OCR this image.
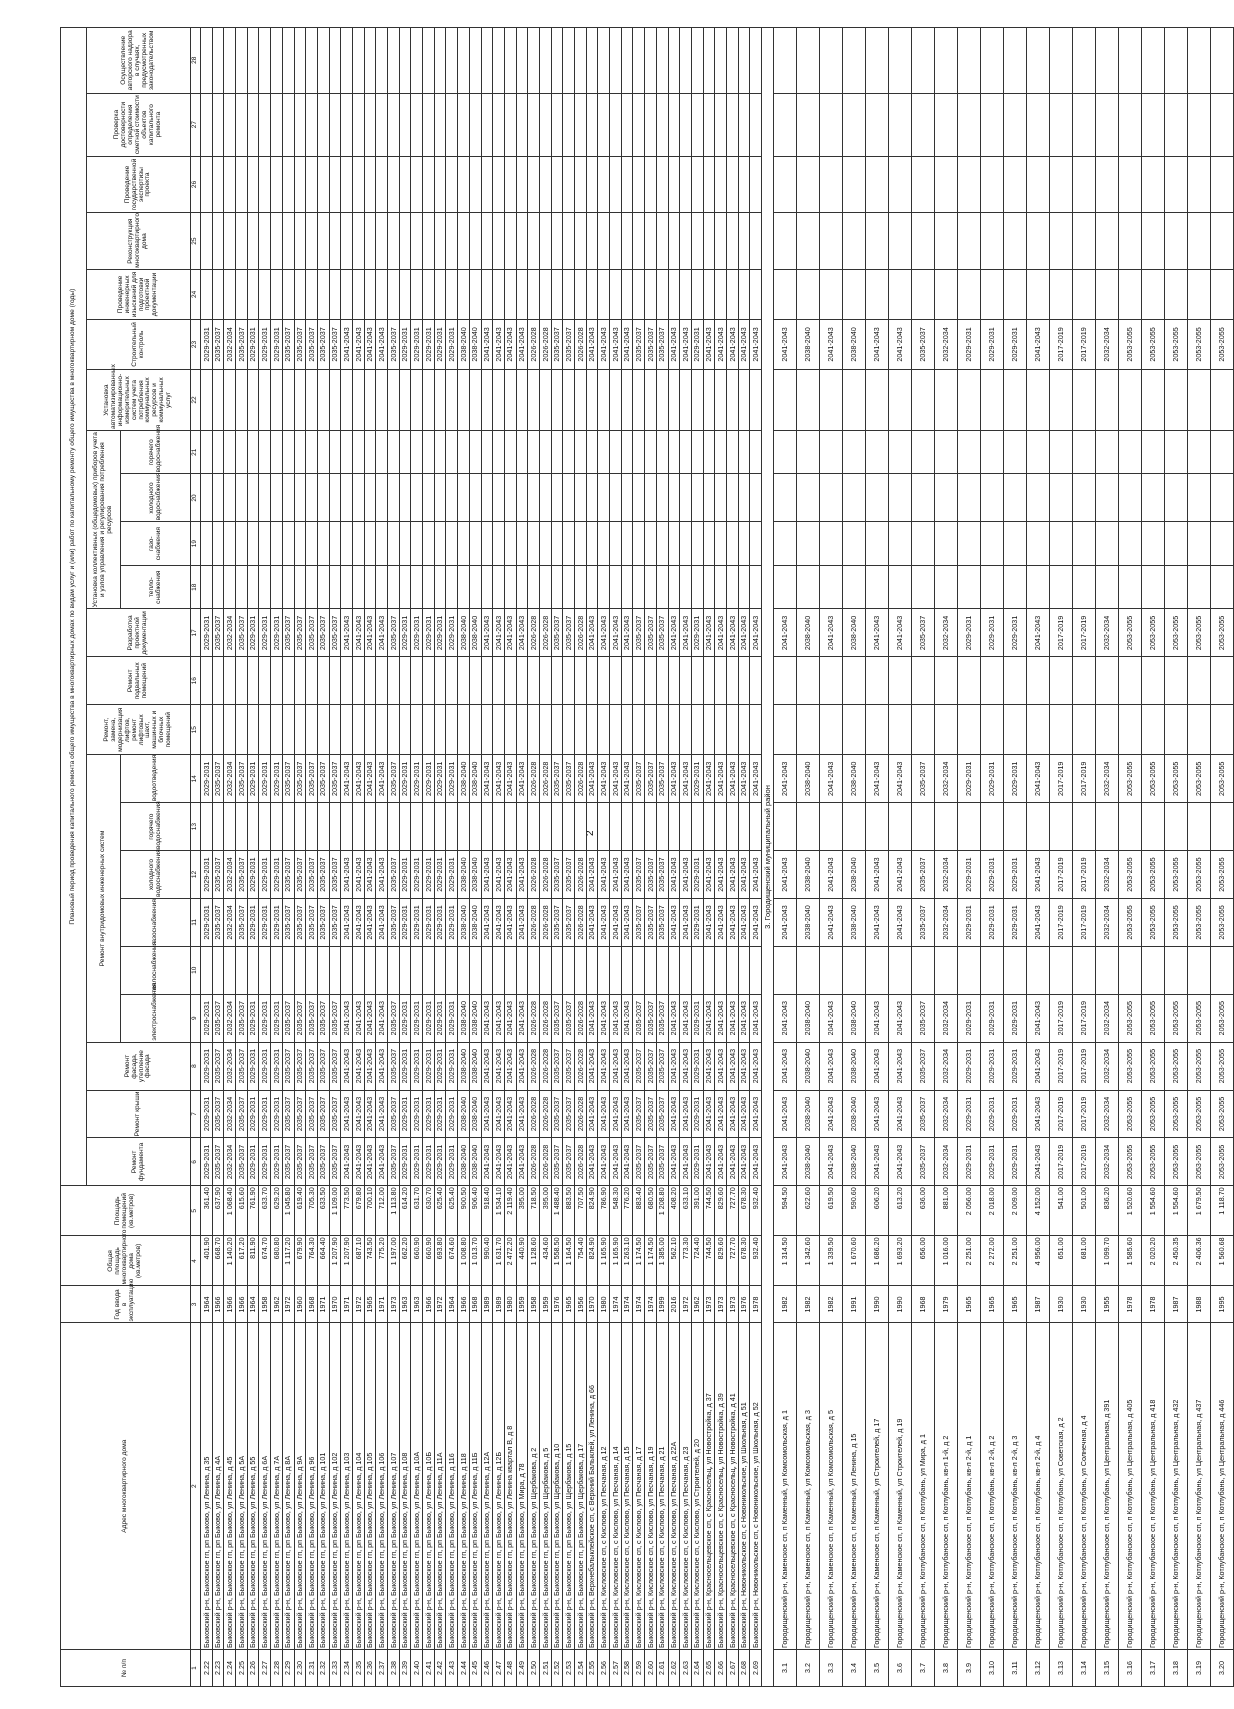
2
№ п/п	Адрес многоквартирного дома	Год ввода в эксплуатацию	Общая площадь многоквартирного дома (кв.метров)	Площадь помещений (кв.метров)	Плановый период проведения капитального ремонта общего имущества в многоквартирных домах по видам услуг и (или) работ по капитальному ремонту общего имущества в многоквартирном доме (годы)																						
					Ремонт фундамента	Ремонт крыши	Ремонт фасада, утепление фасада	Ремонт внутридомовых инженерных систем						Ремонт, замена, модернизация лифтов, ремонт лифтовых шахт, машинных и блочных помещений	Ремонт подвальных помещений	Разработка проектной документации	Установка коллективных (общедомовых) приборов учета и узлов управления и регулирования потребления ресурсов				Установка автоматизированных информационно-измерительных систем учета потребления коммунальных ресурсов и коммунальных услуг	Строительный контроль	Проведение инженерных изысканий для подготовки проектной документации	Реконструкция многоквартирного дома	Проведение государственной экспертизы проекта	Проверка достоверности определения сметной стоимости объектов капитального ремонта	Осуществление авторского надзора в случаях, предусмотренных законодательством
								электроснабжения	теплоснабжения	газоснабжения	холодного водоснабжения	горячего водоснабжения	водоотведения				тепло-снабжения	газо-снабжения	холодного водоснабжения	горячего водоснабжения							
1	2	3	4	5	6	7	8	9	10	11	12	13	14	15	16	17	18	19	20	21	22	23	24	25	26	27	28
2.22	Быковский р-н, Быковское гп, рп Быково, ул Ленина, д 35	1964	401.90	361.40	2029-2031	2029-2031	2029-2031	2029-2031		2029-2031	2029-2031		2029-2031			2029-2031						2029-2031					
2.23	Быковский р-н, Быковское гп, рп Быково, ул Ленина, д 4А	1966	668.70	637.90	2035-2037	2035-2037	2035-2037	2035-2037		2035-2037	2035-2037		2035-2037			2035-2037						2035-2037					
2.24	Быковский р-н, Быковское гп, рп Быково, ул Ленина, д 45	1966	1 140.20	1 068.40	2032-2034	2032-2034	2032-2034	2032-2034		2032-2034	2032-2034		2032-2034			2032-2034						2032-2034					
2.25	Быковский р-н, Быковское гп, рп Быково, ул Ленина, д 5А	1966	617.20	615.60	2035-2037	2035-2037	2035-2037	2035-2037		2035-2037	2035-2037		2035-2037			2035-2037						2035-2037					
2.26	Быковский р-н, Быковское гп, рп Быково, ул Ленина, д 55	1964	811.90	761.90	2029-2031	2029-2031	2029-2031	2029-2031		2029-2031	2029-2031		2029-2031			2029-2031						2029-2031					
2.27	Быковский р-н, Быковское гп, рп Быково, ул Ленина, д 6А	1958	674.70	633.70	2029-2031	2029-2031	2029-2031	2029-2031		2029-2031	2029-2031		2029-2031			2029-2031						2029-2031					
2.28	Быковский р-н, Быковское гп, рп Быково, ул Ленина, д 7А	1962	680.80	629.20	2029-2031	2029-2031	2029-2031	2029-2031		2029-2031	2029-2031		2029-2031			2029-2031						2029-2031					
2.29	Быковский р-н, Быковское гп, рп Быково, ул Ленина, д 8А	1972	1 117.20	1 045.80	2035-2037	2035-2037	2035-2037	2035-2037		2035-2037	2035-2037		2035-2037			2035-2037						2035-2037					
2.30	Быковский р-н, Быковское гп, рп Быково, ул Ленина, д 9А	1960	679.90	619.40	2035-2037	2035-2037	2035-2037	2035-2037		2035-2037	2035-2037		2035-2037			2035-2037						2035-2037					
2.31	Быковский р-н, Быковское гп, рп Быково, ул Ленина, д 96	1968	764.30	705.30	2035-2037	2035-2037	2035-2037	2035-2037		2035-2037	2035-2037		2035-2037			2035-2037						2035-2037					
2.32	Быковский р-н, Быковское гп, рп Быково, ул Ленина, д 101	1971	664.40	633.50	2035-2037	2035-2037	2035-2037	2035-2037		2035-2037	2035-2037		2035-2037			2035-2037						2035-2037					
2.33	Быковский р-н, Быковское гп, рп Быково, ул Ленина, д 102	1970	1 207.90	1 109.00	2035-2037	2035-2037	2035-2037	2035-2037		2035-2037	2035-2037		2035-2037			2035-2037						2035-2037					
2.34	Быковский р-н, Быковское гп, рп Быково, ул Ленина, д 103	1971	1 207.90	773.50	2041-2043	2041-2043	2041-2043	2041-2043		2041-2043	2041-2043		2041-2043			2041-2043						2041-2043					
2.35	Быковский р-н, Быковское гп, рп Быково, ул Ленина, д 104	1972	687.10	679.80	2041-2043	2041-2043	2041-2043	2041-2043		2041-2043	2041-2043		2041-2043			2041-2043						2041-2043					
2.36	Быковский р-н, Быковское гп, рп Быково, ул Ленина, д 105	1965	743.50	700.10	2041-2043	2041-2043	2041-2043	2041-2043		2041-2043	2041-2043		2041-2043			2041-2043						2041-2043					
2.37	Быковский р-н, Быковское гп, рп Быково, ул Ленина, д 106	1971	775.20	712.00	2041-2043	2041-2043	2041-2043	2041-2043		2041-2043	2041-2043		2041-2043			2041-2043						2041-2043					
2.38	Быковский р-н, Быковское гп, рп Быково, ул Ленина, д 107	1973	1 197.00	1 113.80	2035-2037	2035-2037	2035-2037	2035-2037		2035-2037	2035-2037		2035-2037			2035-2037						2035-2037					
2.39	Быковский р-н, Быковское гп, рп Быково, ул Ленина, д 108	1963	662.20	614.20	2029-2031	2029-2031	2029-2031	2029-2031		2029-2031	2029-2031		2029-2031			2029-2031						2029-2031					
2.40	Быковский р-н, Быковское гп, рп Быково, ул Ленина, д 10А	1963	660.90	631.70	2029-2031	2029-2031	2029-2031	2029-2031		2029-2031	2029-2031		2029-2031			2029-2031						2029-2031					
2.41	Быковский р-н, Быковское гп, рп Быково, ул Ленина, д 10Б	1966	660.90	630.70	2029-2031	2029-2031	2029-2031	2029-2031		2029-2031	2029-2031		2029-2031			2029-2031						2029-2031					
2.42	Быковский р-н, Быковское гп, рп Быково, ул Ленина, д 11А	1972	693.80	625.40	2029-2031	2029-2031	2029-2031	2029-2031		2029-2031	2029-2031		2029-2031			2029-2031						2029-2031					
2.43	Быковский р-н, Быковское гп, рп Быково, ул Ленина, д 116	1964	674.60	625.40	2029-2031	2029-2031	2029-2031	2029-2031		2029-2031	2029-2031		2029-2031			2029-2031						2029-2031					
2.44	Быковский р-н, Быковское гп, рп Быково, ул Ленина, д 118	1966	1 008.80	900.50	2038-2040	2038-2040	2038-2040	2038-2040		2038-2040	2038-2040		2038-2040			2038-2040						2038-2040					
2.45	Быковский р-н, Быковское гп, рп Быково, ул Ленина, д 11Б	1968	1 013.70	906.40	2038-2040	2038-2040	2038-2040	2038-2040		2038-2040	2038-2040		2038-2040			2038-2040						2038-2040					
2.46	Быковский р-н, Быковское гп, рп Быково, ул Ленина, д 12А	1989	990.40	918.40	2041-2043	2041-2043	2041-2043	2041-2043		2041-2043	2041-2043		2041-2043			2041-2043						2041-2043					
2.47	Быковский р-н, Быковское гп, рп Быково, ул Ленина, д 12Б	1989	1 631.70	1 534.10	2041-2043	2041-2043	2041-2043	2041-2043		2041-2043	2041-2043		2041-2043			2041-2043						2041-2043					
2.48	Быковский р-н, Быковское гп, рп Быково, ул Ленина квартал В, д 8	1980	2 472.20	2 119.40	2041-2043	2041-2043	2041-2043	2041-2043		2041-2043	2041-2043		2041-2043			2041-2043						2041-2043					
2.49	Быковский р-н, Быковское гп, рп Быково, ул Мира, д 78	1959	440.90	395.00	2041-2043	2041-2043	2041-2043	2041-2043		2041-2043	2041-2043		2041-2043			2041-2043						2041-2043					
2.50	Быковский р-н, Быковское гп, рп Быково, ул Щербакова, д 2	1958	1 128.60	718.50	2026-2028	2026-2028	2026-2028	2026-2028		2026-2028	2026-2028		2026-2028			2026-2028						2026-2028					
2.51	Быковский р-н, Быковское гп, рп Быково, ул Щербакова, д 5	1959	434.60	395.00	2026-2028	2026-2028	2026-2028	2026-2028		2026-2028	2026-2028		2026-2028			2026-2028						2026-2028					
2.52	Быковский р-н, Быковское гп, рп Быково, ул Щербакова, д 10	1976	1 558.50	1 488.40	2035-2037	2035-2037	2035-2037	2035-2037		2035-2037	2035-2037		2035-2037			2035-2037						2035-2037					
2.53	Быковский р-н, Быковское гп, рп Быково, ул Щербакова, д 15	1965	1 164.50	883.50	2035-2037	2035-2037	2035-2037	2035-2037		2035-2037	2035-2037		2035-2037			2035-2037						2035-2037					
2.54	Быковский р-н, Быковское гп, рп Быково, ул Щербакова, д 17	1956	754.40	707.50	2026-2028	2026-2028	2026-2028	2026-2028		2026-2028	2026-2028		2026-2028			2026-2028						2026-2028					
2.55	Быковский р-н, Верхнебалыклейское сп, с Верхний Балыклей, ул Ленина, д 66	1970	824.90	824.90	2041-2043	2041-2043	2041-2043	2041-2043		2041-2043	2041-2043		2041-2043			2041-2043						2041-2043					
2.56	Быковский р-н, Кисловское сп, с Кислово, ул Песчаная, д 12	1980	1 165.90	786.90	2041-2043	2041-2043	2041-2043	2041-2043		2041-2043	2041-2043		2041-2043			2041-2043						2041-2043					
2.57	Быковский р-н, Кисловское сп, с Кислово, ул Песчаная, д 14	1974	1 165.90	548.30	2041-2043	2041-2043	2041-2043	2041-2043		2041-2043	2041-2043		2041-2043			2041-2043						2041-2043					
2.58	Быковский р-н, Кисловское сп, с Кислово, ул Песчаная, д 15	1974	1 263.10	776.20	2041-2043	2041-2043	2041-2043	2041-2043		2041-2043	2041-2043		2041-2043			2041-2043						2041-2043					
2.59	Быковский р-н, Кисловское сп, с Кислово, ул Песчаная, д 17	1974	1 174.50	883.40	2035-2037	2035-2037	2035-2037	2035-2037		2035-2037	2035-2037		2035-2037			2035-2037						2035-2037					
2.60	Быковский р-н, Кисловское сп, с Кислово, ул Песчаная, д 19	1974	1 174.50	680.50	2035-2037	2035-2037	2035-2037	2035-2037		2035-2037	2035-2037		2035-2037			2035-2037						2035-2037					
2.61	Быковский р-н, Кисловское сп, с Кислово, ул Песчаная, д 21	1999	1 385.00	1 208.80	2035-2037	2035-2037	2035-2037	2035-2037		2035-2037	2035-2037		2035-2037			2035-2037						2035-2037					
2.62	Быковский р-н, Кисловское сп, с Кислово, ул Песчаная, д 22А	2016	562.10	408.20	2041-2043	2041-2043	2041-2043	2041-2043		2041-2043	2041-2043		2041-2043			2041-2043						2041-2043					
2.63	Быковский р-н, Кисловское сп, с Кислово, ул Песчаная, д 23	1972	773.30	633.10	2041-2043	2041-2043	2041-2043	2041-2043		2041-2043	2041-2043		2041-2043			2041-2043						2041-2043					
2.64	Быковский р-н, Кисловское сп, с Кислово, ул Строителей, д 20	1962	724.40	391.00	2029-2031	2029-2031	2029-2031	2029-2031		2029-2031	2029-2031		2029-2031			2029-2031						2029-2031					
2.65	Быковский р-н, Красносельцевское сп, с Красносельц, ул Новостройка, д 37	1973	744.50	744.50	2041-2043	2041-2043	2041-2043	2041-2043		2041-2043	2041-2043		2041-2043			2041-2043						2041-2043					
2.66	Быковский р-н, Красносельцевское сп, с Красносельц, ул Новостройка, д 39	1973	829.60	829.60	2041-2043	2041-2043	2041-2043	2041-2043		2041-2043	2041-2043		2041-2043			2041-2043						2041-2043					
2.67	Быковский р-н, Красносельцевское сп, с Красносельц, ул Новостройка, д 41	1973	727.70	727.70	2041-2043	2041-2043	2041-2043	2041-2043		2041-2043	2041-2043		2041-2043			2041-2043						2041-2043					
2.68	Быковский р-н, Новоникольское сп, с Новоникольское, ул Школьная, д 51	1976	678.30	678.30	2041-2043	2041-2043	2041-2043	2041-2043		2041-2043	2041-2043		2041-2043			2041-2043						2041-2043					
2.69	Быковский р-н, Новоникольское сп, с Новоникольское, ул Школьная, д 52	1978	932.40	932.40	2041-2043	2041-2043	2041-2043	2041-2043		2041-2043	2041-2043		2041-2043			2041-2043						2041-2043					
3. Городищенский муниципальный район																											
3.1	Городищенский р-н, Каменское сп, п Каменный, ул Комсомольская, д 1	1982	1 314.50	594.50	2041-2043	2041-2043	2041-2043	2041-2043		2041-2043	2041-2043		2041-2043			2041-2043						2041-2043					
3.2	Городищенский р-н, Каменское сп, п Каменный, ул Комсомольская, д 3	1982	1 342.60	622.60	2038-2040	2038-2040	2038-2040	2038-2040		2038-2040	2038-2040		2038-2040			2038-2040						2038-2040					
3.3	Городищенский р-н, Каменское сп, п Каменный, ул Комсомольская, д 5	1982	1 339.50	619.50	2041-2043	2041-2043	2041-2043	2041-2043		2041-2043	2041-2043		2041-2043			2041-2043						2041-2043					
3.4	Городищенский р-н, Каменское сп, п Каменный, ул Ленина, д 15	1991	1 670.60	590.60	2038-2040	2038-2040	2038-2040	2038-2040		2038-2040	2038-2040		2038-2040			2038-2040						2038-2040					
3.5	Городищенский р-н, Каменское сп, п Каменный, ул Строителей, д 17	1990	1 686.20	606.20	2041-2043	2041-2043	2041-2043	2041-2043		2041-2043	2041-2043		2041-2043			2041-2043						2041-2043					
3.6	Городищенский р-н, Каменское сп, п Каменный, ул Строителей, д 19	1990	1 693.20	613.20	2041-2043	2041-2043	2041-2043	2041-2043		2041-2043	2041-2043		2041-2043			2041-2043						2041-2043					
3.7	Городищенский р-н, Котлубанское сп, п Котлубань, ул Мира, д 1	1968	656.00	636.00	2035-2037	2035-2037	2035-2037	2035-2037		2035-2037	2035-2037		2035-2037			2035-2037						2035-2037					
3.8	Городищенский р-н, Котлубанское сп, п Котлубань, кв-л 1-й, д 2	1979	1 016.00	881.00	2032-2034	2032-2034	2032-2034	2032-2034		2032-2034	2032-2034		2032-2034			2032-2034						2032-2034					
3.9	Городищенский р-н, Котлубанское сп, п Котлубань, кв-л 2-й, д 1	1965	2 251.00	2 056.00	2029-2031	2029-2031	2029-2031	2029-2031		2029-2031	2029-2031		2029-2031			2029-2031						2029-2031					
3.10	Городищенский р-н, Котлубанское сп, п Котлубань, кв-л 2-й, д 2	1965	2 272.00	2 018.00	2029-2031	2029-2031	2029-2031	2029-2031		2029-2031	2029-2031		2029-2031			2029-2031						2029-2031					
3.11	Городищенский р-н, Котлубанское сп, п Котлубань, кв-л 2-й, д 3	1965	2 251.00	2 009.00	2029-2031	2029-2031	2029-2031	2029-2031		2029-2031	2029-2031		2029-2031			2029-2031						2029-2031					
3.12	Городищенский р-н, Котлубанское сп, п Котлубань, кв-л 2-й, д 4	1987	4 956.00	4 152.00	2041-2043	2041-2043	2041-2043	2041-2043		2041-2043	2041-2043		2041-2043			2041-2043						2041-2043					
3.13	Городищенский р-н, Котлубанское сп, п Котлубань, ул Советская, д 2	1930	651.00	541.00	2017-2019	2017-2019	2017-2019	2017-2019		2017-2019	2017-2019		2017-2019			2017-2019						2017-2019					
3.14	Городищенский р-н, Котлубанское сп, п Котлубань, ул Солнечная, д 4	1930	681.00	501.00	2017-2019	2017-2019	2017-2019	2017-2019		2017-2019	2017-2019		2017-2019			2017-2019						2017-2019					
3.15	Городищенский р-н, Котлубанское сп, п Котлубань, ул Центральная, д 391	1955	1 099.70	836.20	2032-2034	2032-2034	2032-2034	2032-2034		2032-2034	2032-2034		2032-2034			2032-2034						2032-2034					
3.16	Городищенский р-н, Котлубанское сп, п Котлубань, ул Центральная, д 405	1978	1 585.60	1 520.60	2053-2055	2053-2055	2053-2055	2053-2055		2053-2055	2053-2055		2053-2055			2053-2055						2053-2055					
3.17	Городищенский р-н, Котлубанское сп, п Котлубань, ул Центральная, д 418	1978	2 020.20	1 554.60	2053-2055	2053-2055	2053-2055	2053-2055		2053-2055	2053-2055		2053-2055			2053-2055						2053-2055					
3.18	Городищенский р-н, Котлубанское сп, п Котлубань, ул Центральная, д 432	1987	2 450.35	1 554.60	2053-2055	2053-2055	2053-2055	2053-2055		2053-2055	2053-2055		2053-2055			2053-2055						2053-2055					
3.19	Городищенский р-н, Котлубанское сп, п Котлубань, ул Центральная, д 437	1988	2 406.36	1 679.50	2053-2055	2053-2055	2053-2055	2053-2055		2053-2055	2053-2055		2053-2055			2053-2055						2053-2055					
3.20	Городищенский р-н, Котлубанское сп, п Котлубань, ул Центральная, д 446	1995	1 560.68	1 118.70	2053-2055	2053-2055	2053-2055	2053-2055		2053-2055	2053-2055		2053-2055			2053-2055						2053-2055					
